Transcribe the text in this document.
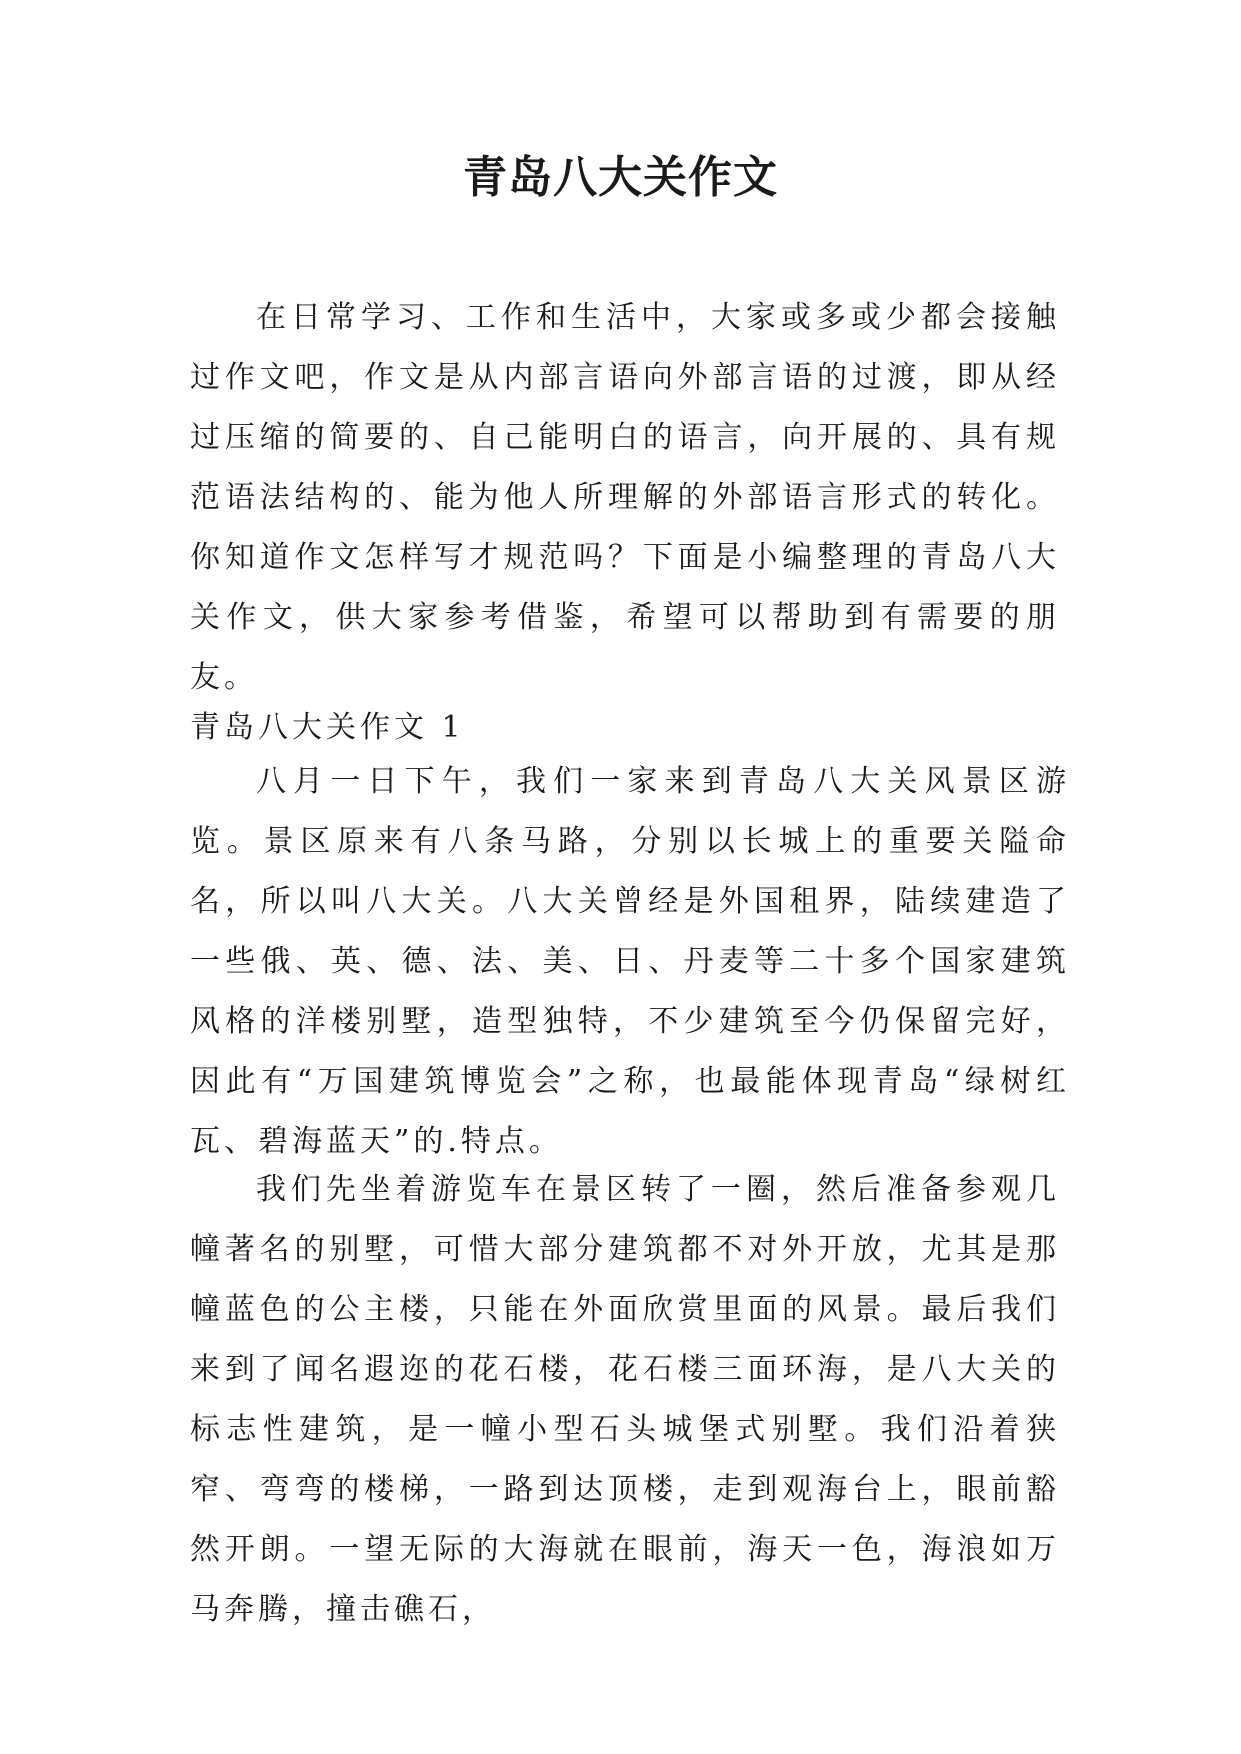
青岛八大关作文

在日常学习、工作和生活中，大家或多或少都会接触过作文吧，作文是从内部言语向外部言语的过渡，即从经过压缩的简要的、自己能明白的语言，向开展的、具有规范语法结构的、能为他人所理解的外部语言形式的转化。你知道作文怎样写才规范吗？下面是小编整理的青岛八大关作文，供大家参考借鉴，希望可以帮助到有需要的朋友。

青岛八大关作文 1

八月一日下午，我们一家来到青岛八大关风景区游览。景区原来有八条马路，分别以长城上的重要关隘命名，所以叫八大关。八大关曾经是外国租界，陆续建造了一些俄、英、德、法、美、日、丹麦等二十多个国家建筑风格的洋楼别墅，造型独特，不少建筑至今仍保留完好，因此有“万国建筑博览会”之称，也最能体现青岛“绿树红瓦、碧海蓝天”的.特点。

我们先坐着游览车在景区转了一圈，然后准备参观几幢著名的别墅，可惜大部分建筑都不对外开放，尤其是那幢蓝色的公主楼，只能在外面欣赏里面的风景。最后我们来到了闻名遐迩的花石楼，花石楼三面环海，是八大关的标志性建筑，是一幢小型石头城堡式别墅。我们沿着狭窄、弯弯的楼梯，一路到达顶楼，走到观海台上，眼前豁然开朗。一望无际的大海就在眼前，海天一色，海浪如万马奔腾，撞击礁石，
